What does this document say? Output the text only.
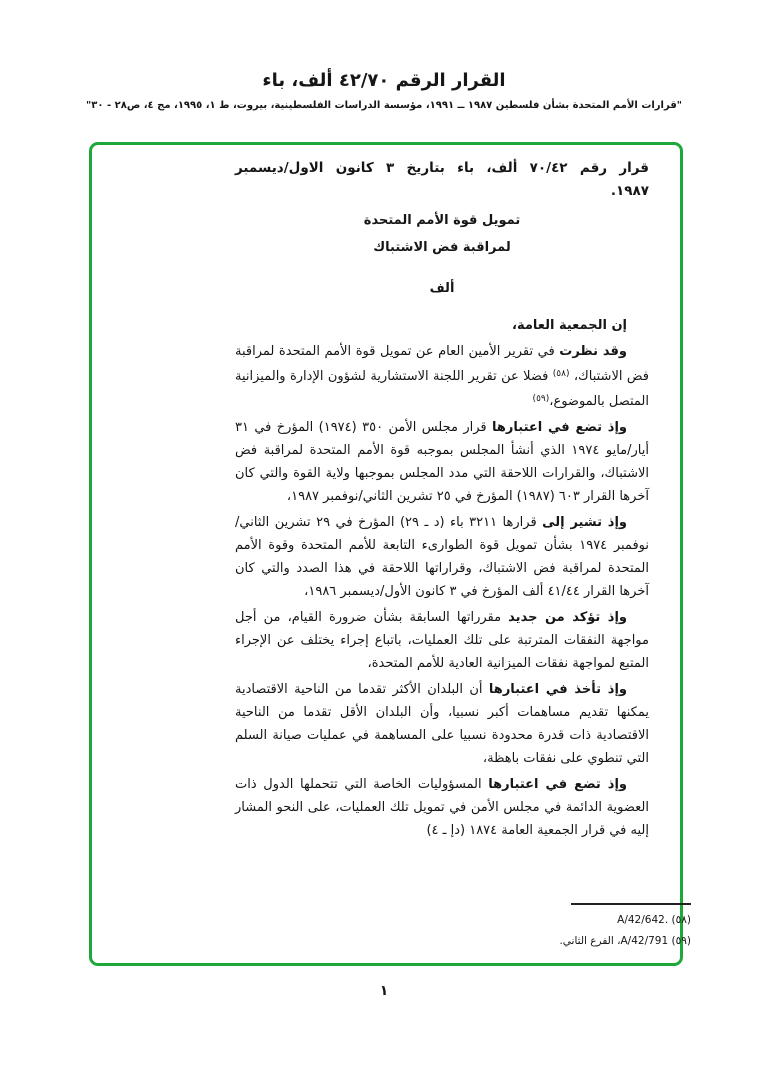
القرار الرقم ٤٢/٧٠ ألف، باء
"قرارات الأمم المتحدة بشأن فلسطين ١٩٨٧ ــ ١٩٩١، مؤسسة الدراسات الفلسطينية، بيروت، ط ١، ١٩٩٥، مج ٤، ص٢٨ - ٣٠"

قرار رقم ٧٠/٤٢ ألف، باء بتاريخ ٣ كانون الاول/ديسمبر ١٩٨٧.

تمويل قوة الأمم المتحدة
لمراقبة فض الاشتباك
ألف

إن الجمعية العامة،

وقد نظرت في تقرير الأمين العام عن تمويل قوة الأمم المتحدة لمراقبة فض الاشتباك، $^{(٥٨)}$ فضلا عن تقرير اللجنة الاستشارية لشؤون الإدارة والميزانية المتصل بالموضوع،$^{(٥٩)}$

وإذ تضع في اعتبارها قرار مجلس الأمن ٣٥٠ (١٩٧٤) المؤرخ في ٣١ أيار/مايو ١٩٧٤ الذي أنشأ المجلس بموجبه قوة الأمم المتحدة لمراقبة فض الاشتباك، والقرارات اللاحقة التي مدد المجلس بموجبها ولاية القوة والتي كان آخرها القرار ٦٠٣ (١٩٨٧) المؤرخ في ٢٥ تشرين الثاني/نوفمبر ١٩٨٧،

وإذ تشير إلى قرارها ٣٢١١ باء (د ـ ٢٩) المؤرخ في ٢٩ تشرين الثاني/نوفمبر ١٩٧٤ بشأن تمويل قوة الطوارىء التابعة للأمم المتحدة وقوة الأمم المتحدة لمراقبة فض الاشتباك، وقراراتها اللاحقة في هذا الصدد والتي كان آخرها القرار ٤١/٤٤ ألف المؤرخ في ٣ كانون الأول/ديسمبر ١٩٨٦،

وإذ تؤكد من جديد مقرراتها السابقة بشأن ضرورة القيام، من أجل مواجهة النفقات المترتبة على تلك العمليات، باتباع إجراء يختلف عن الإجراء المتبع لمواجهة نفقات الميزانية العادية للأمم المتحدة،

وإذ تأخذ في اعتبارها أن البلدان الأكثر تقدما من الناحية الاقتصادية يمكنها تقديم مساهمات أكبر نسبيا، وأن البلدان الأقل تقدما من الناحية الاقتصادية ذات قدرة محدودة نسبيا على المساهمة في عمليات صيانة السلم التي تنطوي على نفقات باهظة،

وإذ تضع في اعتبارها المسؤوليات الخاصة التي تتحملها الدول ذات العضوية الدائمة في مجلس الأمن في تمويل تلك العمليات، على النحو المشار إليه في قرار الجمعية العامة ١٨٧٤ (دإ ـ ٤)

(٥٨) A/42/642.
(٥٩) A/42/791، الفرع الثاني.
١
